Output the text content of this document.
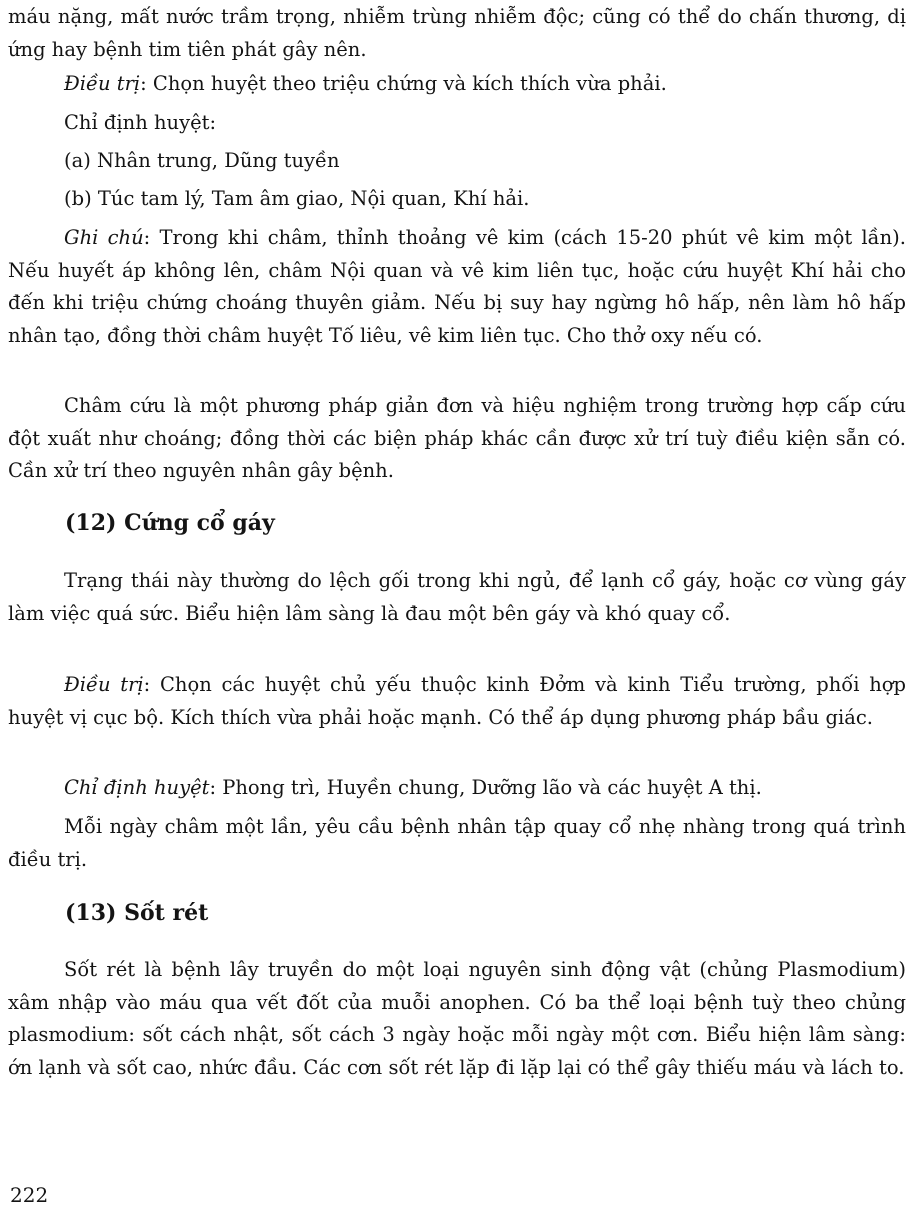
máu nặng, mất nước trầm trọng, nhiễm trùng nhiễm độc; cũng có thể do chấn thương, dị ứng hay bệnh tim tiên phát gây nên.

Điều trị: Chọn huyệt theo triệu chứng và kích thích vừa phải.

Chỉ định huyệt:

(a) Nhân trung, Dũng tuyền

(b) Túc tam lý, Tam âm giao, Nội quan, Khí hải.

Ghi chú: Trong khi châm, thỉnh thoảng vê kim (cách 15-20 phút vê kim một lần). Nếu huyết áp không lên, châm Nội quan và vê kim liên tục, hoặc cứu huyệt Khí hải cho đến khi triệu chứng choáng thuyên giảm. Nếu bị suy hay ngừng hô hấp, nên làm hô hấp nhân tạo, đồng thời châm huyệt Tố liêu, vê kim liên tục. Cho thở oxy nếu có.

Châm cứu là một phương pháp giản đơn và hiệu nghiệm trong trường hợp cấp cứu đột xuất như choáng; đồng thời các biện pháp khác cần được xử trí tuỳ điều kiện sẵn có. Cần xử trí theo nguyên nhân gây bệnh.

(12) Cứng cổ gáy

Trạng thái này thường do lệch gối trong khi ngủ, để lạnh cổ gáy, hoặc cơ vùng gáy làm việc quá sức. Biểu hiện lâm sàng là đau một bên gáy và khó quay cổ.

Điều trị: Chọn các huyệt chủ yếu thuộc kinh Đởm và kinh Tiểu trường, phối hợp huyệt vị cục bộ. Kích thích vừa phải hoặc mạnh. Có thể áp dụng phương pháp bầu giác.

Chỉ định huyệt: Phong trì, Huyền chung, Dưỡng lão và các huyệt A thị.

Mỗi ngày châm một lần, yêu cầu bệnh nhân tập quay cổ nhẹ nhàng trong quá trình điều trị.

(13) Sốt rét

Sốt rét là bệnh lây truyền do một loại nguyên sinh động vật (chủng Plasmodium) xâm nhập vào máu qua vết đốt của muỗi anophen. Có ba thể loại bệnh tuỳ theo chủng plasmodium: sốt cách nhật, sốt cách 3 ngày hoặc mỗi ngày một cơn. Biểu hiện lâm sàng: ớn lạnh và sốt cao, nhức đầu. Các cơn sốt rét lặp đi lặp lại có thể gây thiếu máu và lách to.

222
